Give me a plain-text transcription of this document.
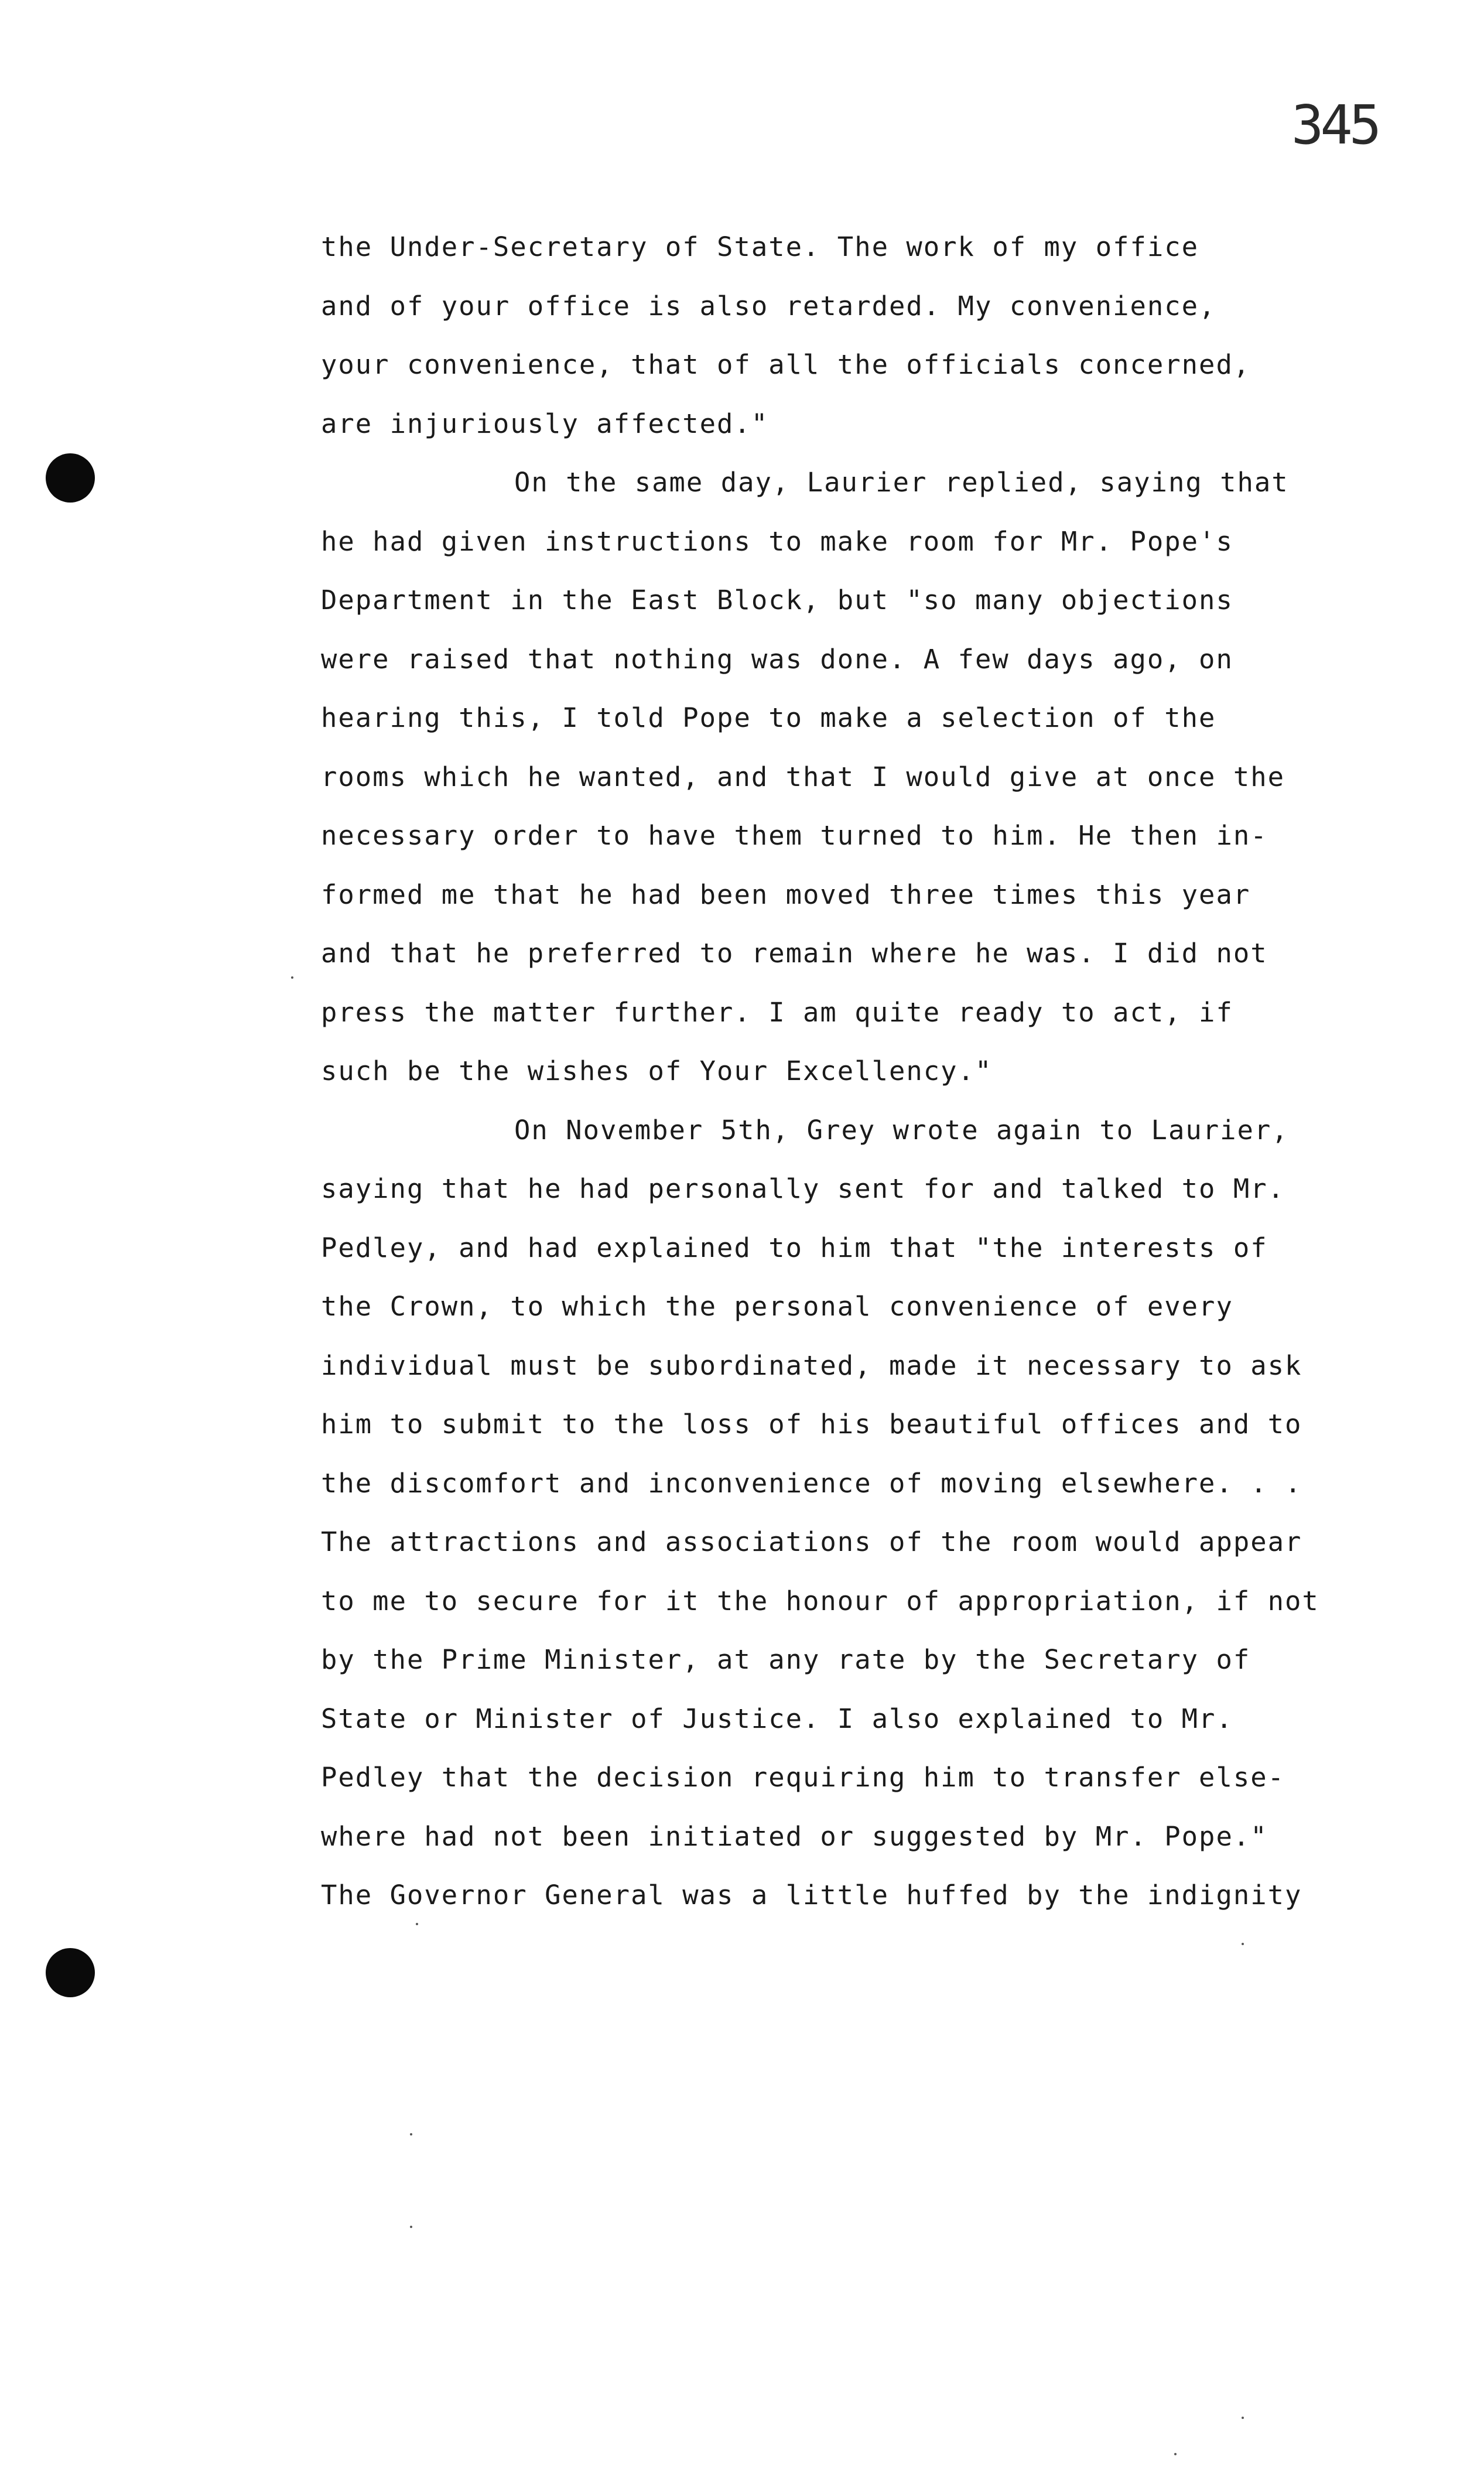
345
the Under-Secretary of State. The work of my office
and of your office is also retarded. My convenience,
your convenience, that of all the officials concerned,
are injuriously affected."
On the same day, Laurier replied, saying that
he had given instructions to make room for Mr. Pope's
Department in the East Block, but "so many objections
were raised that nothing was done. A few days ago, on
hearing this, I told Pope to make a selection of the
rooms which he wanted, and that I would give at once the
necessary order to have them turned to him. He then in-
formed me that he had been moved three times this year
and that he preferred to remain where he was. I did not
press the matter further. I am quite ready to act, if
such be the wishes of Your Excellency."
On November 5th, Grey wrote again to Laurier,
saying that he had personally sent for and talked to Mr.
Pedley, and had explained to him that "the interests of
the Crown, to which the personal convenience of every
individual must be subordinated, made it necessary to ask
him to submit to the loss of his beautiful offices and to
the discomfort and inconvenience of moving elsewhere. . .
The attractions and associations of the room would appear
to me to secure for it the honour of appropriation, if not
by the Prime Minister, at any rate by the Secretary of
State or Minister of Justice. I also explained to Mr.
Pedley that the decision requiring him to transfer else-
where had not been initiated or suggested by Mr. Pope."
The Governor General was a little huffed by the indignity
